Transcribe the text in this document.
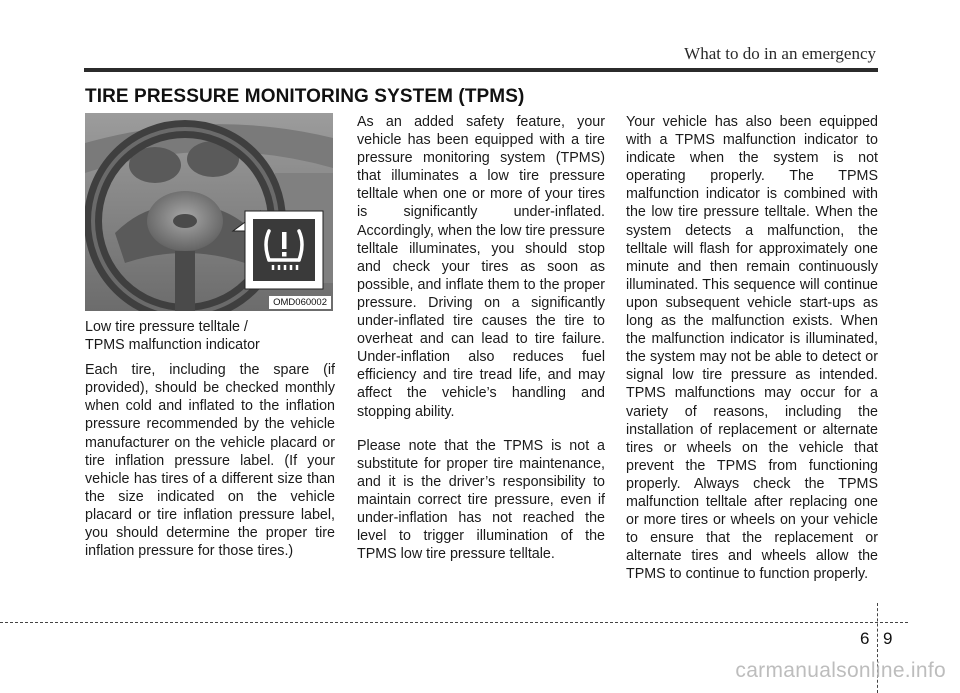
What to do in an emergency
TIRE PRESSURE MONITORING SYSTEM (TPMS)
OMD060002

Low tire pressure telltale /
TPMS malfunction indicator

Each tire, including the spare (if provided), should be checked monthly when cold and inflated to the inflation pressure recommended by the vehicle manufacturer on the vehicle placard or tire inflation pressure label. (If your vehicle has tires of a different size than the size indicated on the vehicle placard or tire inflation pressure label, you should determine the proper tire inflation pressure for those tires.)

As an added safety feature, your vehicle has been equipped with a tire pressure monitoring system (TPMS) that illuminates a low tire pressure telltale when one or more of your tires is significantly under-inflated. Accordingly, when the low tire pressure telltale illuminates, you should stop and check your tires as soon as possible, and inflate them to the proper pressure. Driving on a significantly under-inflated tire causes the tire to overheat and can lead to tire failure. Under-inflation also reduces fuel efficiency and tire tread life, and may affect the vehicle’s handling and stopping ability.

Please note that the TPMS is not a substitute for proper tire maintenance, and it is the driver’s responsibility to maintain correct tire pressure, even if under-inflation has not reached the level to trigger illumination of the TPMS low tire pressure telltale.

Your vehicle has also been equipped with a TPMS malfunction indicator to indicate when the system is not operating properly. The TPMS malfunction indicator is combined with the low tire pressure telltale. When the system detects a malfunction, the telltale will flash for approximately one minute and then remain continuously illuminated. This sequence will continue upon subsequent vehicle start-ups as long as the malfunction exists. When the malfunction indicator is illuminated, the system may not be able to detect or signal low tire pressure as intended. TPMS malfunctions may occur for a variety of reasons, including the installation of replacement or alternate tires or wheels on the vehicle that prevent the TPMS from functioning properly. Always check the TPMS malfunction telltale after replacing one or more tires or wheels on your vehicle to ensure that the replacement or alternate tires and wheels allow the TPMS to continue to function properly.

6 9
carmanualsonline.info
